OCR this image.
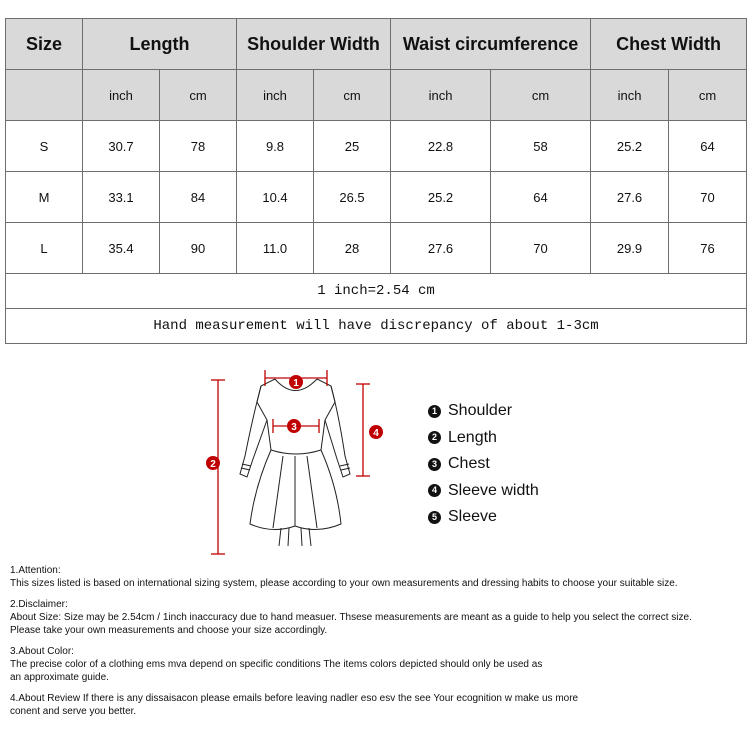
Size	Length		Shoulder Width		Waist circumference		Chest Width	
	inch	cm	inch	cm	inch	cm	inch	cm
S	30.7	78	9.8	25	22.8	58	25.2	64
M	33.1	84	10.4	26.5	25.2	64	27.6	70
L	35.4	90	11.0	28	27.6	70	29.9	76
1 inch=2.54 cm								
Hand measurement will have discrepancy of about 1-3cm								
1
3
2
4
1 Shoulder
2 Length
3 Chest
4 Sleeve width
5 Sleeve

1.Attention:

This sizes listed is based on international sizing system, please according to your own measurements and dressing habits to choose your suitable size.

2.Disclaimer:

About Size: Size may be 2.54cm / 1inch inaccuracy due to hand measuer. Thsese measurements are meant as a guide to help you select the correct size.

Please take your own measurements and choose your size accordingly.

3.About Color:

The precise color of a clothing ems mva depend on specific conditions The items colors depicted should only be used as

an approximate guide.

4.About Review If there is any dissaisacon please emails before leaving nadler eso esv the see Your ecognition w make us more

conent and serve you better.
